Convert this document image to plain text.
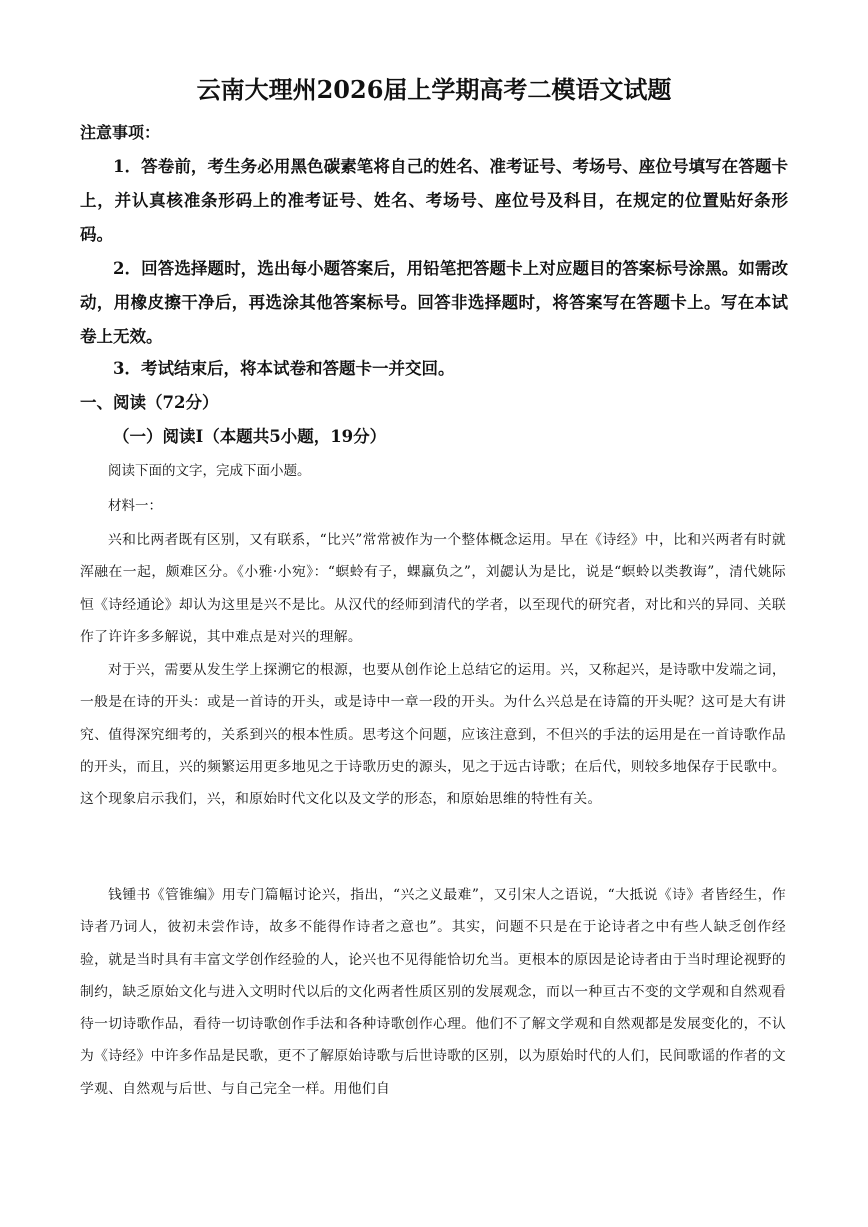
云南大理州2026届上学期高考二模语文试题
注意事项：
1．答卷前，考生务必用黑色碳素笔将自己的姓名、准考证号、考场号、座位号填写在答题卡上，并认真核准条形码上的准考证号、姓名、考场号、座位号及科目，在规定的位置贴好条形码。
2．回答选择题时，选出每小题答案后，用铅笔把答题卡上对应题目的答案标号涂黑。如需改动，用橡皮擦干净后，再选涂其他答案标号。回答非选择题时，将答案写在答题卡上。写在本试卷上无效。
3．考试结束后，将本试卷和答题卡一并交回。
一、阅读（72分）
（一）阅读Ⅰ（本题共5小题，19分）
阅读下面的文字，完成下面小题。
材料一：
兴和比两者既有区别，又有联系，“比兴”常常被作为一个整体概念运用。早在《诗经》中，比和兴两者有时就浑融在一起，颇难区分。《小雅·小宛》：“螟蛉有子，蜾蠃负之”，刘勰认为是比，说是“螟蛉以类教诲”，清代姚际恒《诗经通论》却认为这里是兴不是比。从汉代的经师到清代的学者，以至现代的研究者，对比和兴的异同、关联作了许许多多解说，其中难点是对兴的理解。
对于兴，需要从发生学上探溯它的根源，也要从创作论上总结它的运用。兴，又称起兴，是诗歌中发端之词，一般是在诗的开头：或是一首诗的开头，或是诗中一章一段的开头。为什么兴总是在诗篇的开头呢？这可是大有讲究、值得深究细考的，关系到兴的根本性质。思考这个问题，应该注意到，不但兴的手法的运用是在一首诗歌作品的开头，而且，兴的频繁运用更多地见之于诗歌历史的源头，见之于远古诗歌；在后代，则较多地保存于民歌中。这个现象启示我们，兴，和原始时代文化以及文学的形态，和原始思维的特性有关。
钱锺书《管锥编》用专门篇幅讨论兴，指出，“兴之义最难”，又引宋人之语说，“大抵说《诗》者皆经生，作诗者乃词人，彼初未尝作诗，故多不能得作诗者之意也”。其实，问题不只是在于论诗者之中有些人缺乏创作经验，就是当时具有丰富文学创作经验的人，论兴也不见得能恰切允当。更根本的原因是论诗者由于当时理论视野的制约，缺乏原始文化与进入文明时代以后的文化两者性质区别的发展观念，而以一种亘古不变的文学观和自然观看待一切诗歌作品，看待一切诗歌创作手法和各种诗歌创作心理。他们不了解文学观和自然观都是发展变化的，不认为《诗经》中许多作品是民歌，更不了解原始诗歌与后世诗歌的区别，以为原始时代的人们，民间歌谣的作者的文学观、自然观与后世、与自己完全一样。用他们自
